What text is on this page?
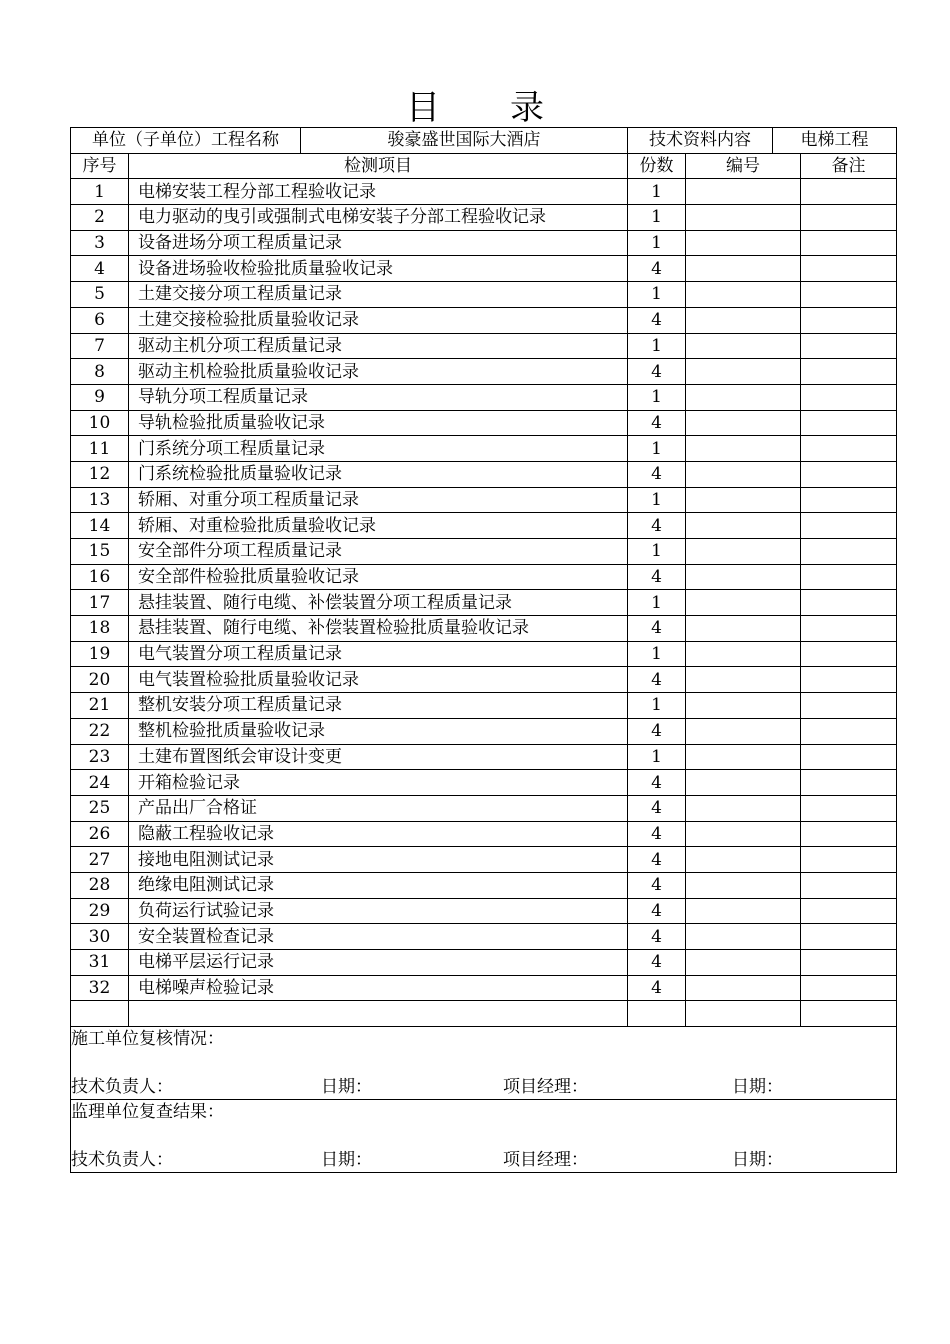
目 录
单位（子单位）工程名称		骏豪盛世国际大酒店	技术资料内容		电梯工程	
序号	检测项目		份数	编号		备注
1	电梯安装工程分部工程验收记录		1			
2	电力驱动的曳引或强制式电梯安装子分部工程验收记录		1			
3	设备进场分项工程质量记录		1			
4	设备进场验收检验批质量验收记录		4			
5	土建交接分项工程质量记录		1			
6	土建交接检验批质量验收记录		4			
7	驱动主机分项工程质量记录		1			
8	驱动主机检验批质量验收记录		4			
9	导轨分项工程质量记录		1			
10	导轨检验批质量验收记录		4			
11	门系统分项工程质量记录		1			
12	门系统检验批质量验收记录		4			
13	轿厢、对重分项工程质量记录		1			
14	轿厢、对重检验批质量验收记录		4			
15	安全部件分项工程质量记录		1			
16	安全部件检验批质量验收记录		4			
17	悬挂装置、随行电缆、补偿装置分项工程质量记录		1			
18	悬挂装置、随行电缆、补偿装置检验批质量验收记录		4			
19	电气装置分项工程质量记录		1			
20	电气装置检验批质量验收记录		4			
21	整机安装分项工程质量记录		1			
22	整机检验批质量验收记录		4			
23	土建布置图纸会审设计变更		1			
24	开箱检验记录		4			
25	产品出厂合格证		4			
26	隐蔽工程验收记录		4			
27	接地电阻测试记录		4			
28	绝缘电阻测试记录		4			
29	负荷运行试验记录		4			
30	安全装置检查记录		4			
31	电梯平层运行记录		4			
32	电梯噪声检验记录		4			

施工单位复核情况：
技术负责人： 日期： 项目经理： 日期：						

监理单位复查结果：
技术负责人： 日期： 项目经理： 日期：						
